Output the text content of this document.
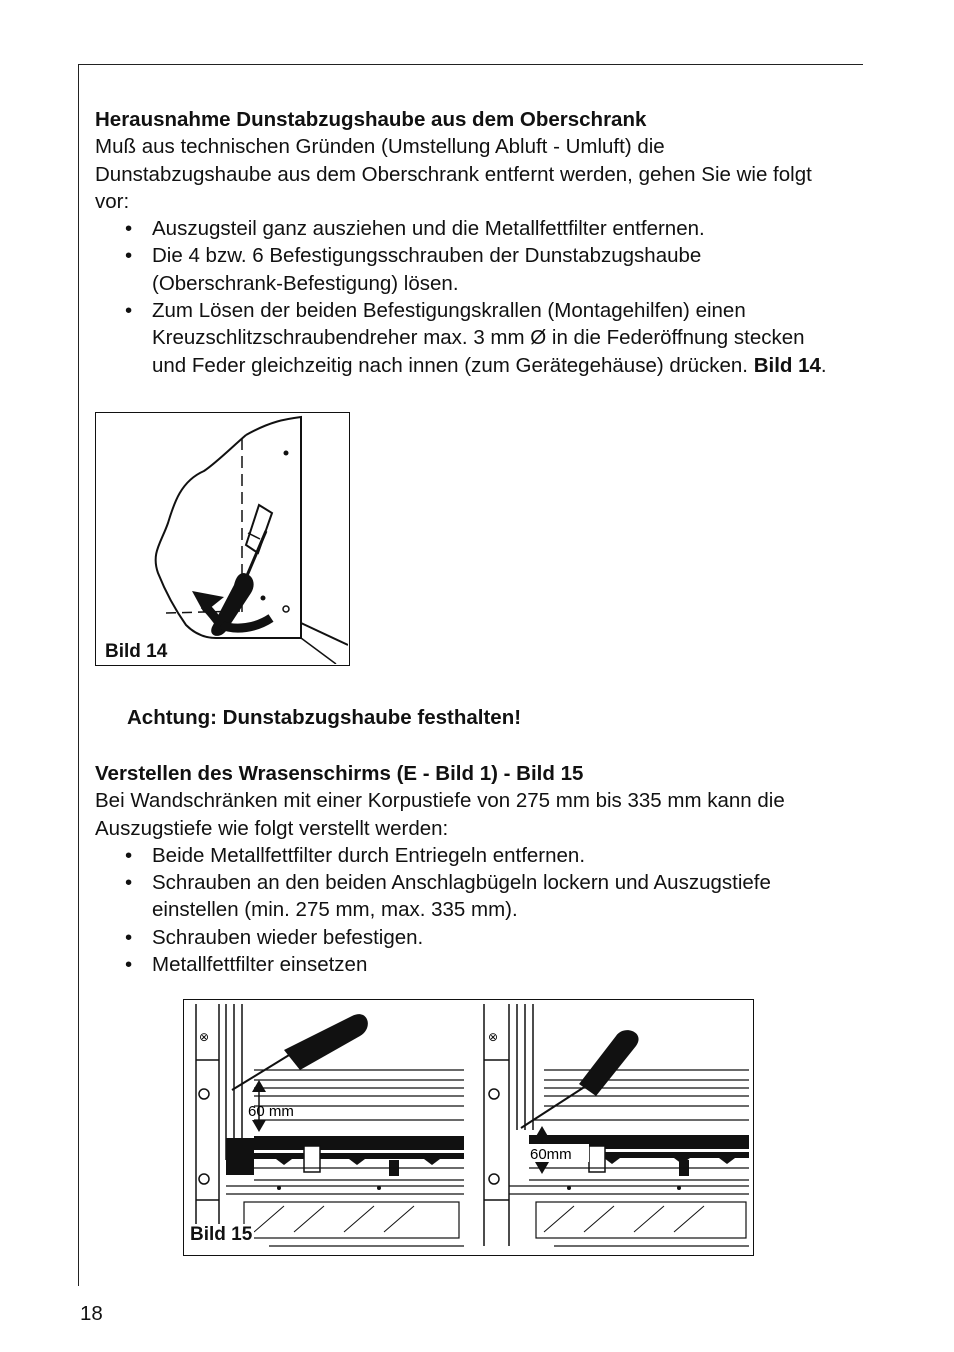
Herausnahme Dunstabzugshaube aus dem Oberschrank

Muß aus technischen Gründen (Umstellung Abluft - Umluft) die Dunstabzugshaube aus dem Oberschrank entfernt werden, gehen Sie wie folgt vor:

• Auszugsteil ganz ausziehen und die Metallfettfilter entfernen.
• Die 4 bzw. 6 Befestigungsschrauben der Dunstabzugshaube (Oberschrank-Befestigung) lösen.
• Zum Lösen der beiden Befestigungskrallen (Montagehilfen) einen Kreuzschlitzschraubendreher max. 3 mm Ø in die Federöffnung stecken und Feder gleichzeitig nach innen (zum Gerätegehäuse) drücken. Bild 14.
Bild 14
Achtung: Dunstabzugshaube festhalten!

Verstellen des Wrasenschirms (E - Bild 1) - Bild 15

Bei Wandschränken mit einer Korpustiefe von 275 mm bis 335 mm kann die Auszugstiefe wie folgt verstellt werden:

• Beide Metallfettfilter durch Entriegeln entfernen.
• Schrauben an den beiden Anschlagbügeln lockern und Auszugstiefe einstellen (min. 275 mm, max. 335 mm).
• Schrauben wieder befestigen.
• Metallfettfilter einsetzen
⊗
60 mm
⊗
60mm
Bild 15
18
